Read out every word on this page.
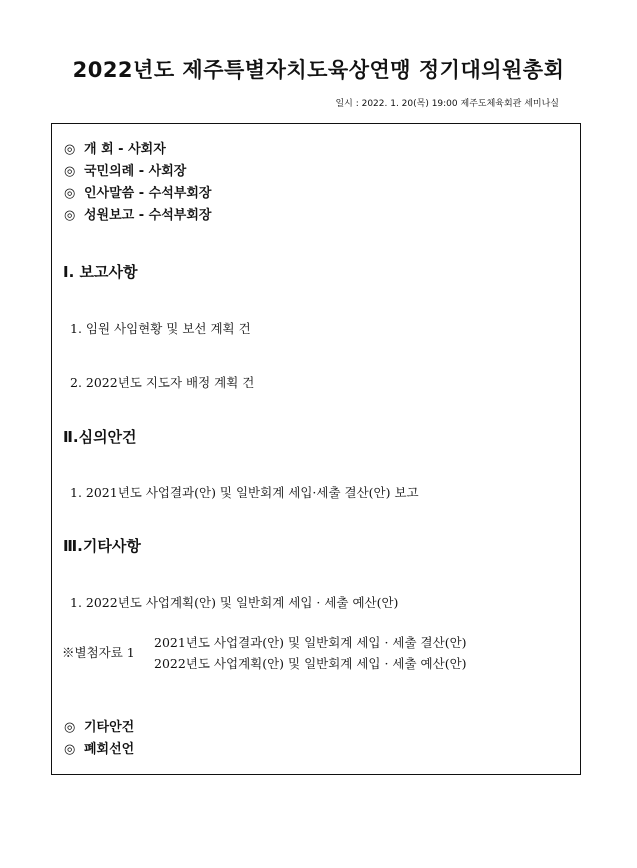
2022년도 제주특별자치도육상연맹 정기대의원총회
일시 : 2022. 1. 20(목) 19:00 제주도체육회관 세미나실
◎ 개 회 - 사회자
◎ 국민의례 - 사회장
◎ 인사말씀 - 수석부회장
◎ 성원보고 - 수석부회장
Ⅰ. 보고사항
1. 임원 사임현황 및 보선 계획 건
2. 2022년도 지도자 배정 계획 건
Ⅱ.심의안건
1. 2021년도 사업결과(안) 및 일반회계 세입·세출 결산(안) 보고
Ⅲ.기타사항
1. 2022년도 사업계획(안) 및 일반회계 세입 · 세출 예산(안)
※별첨자료 1
2021년도 사업결과(안) 및 일반회계 세입 · 세출 결산(안)
2022년도 사업계획(안) 및 일반회계 세입 · 세출 예산(안)
◎ 기타안건
◎ 폐회선언
